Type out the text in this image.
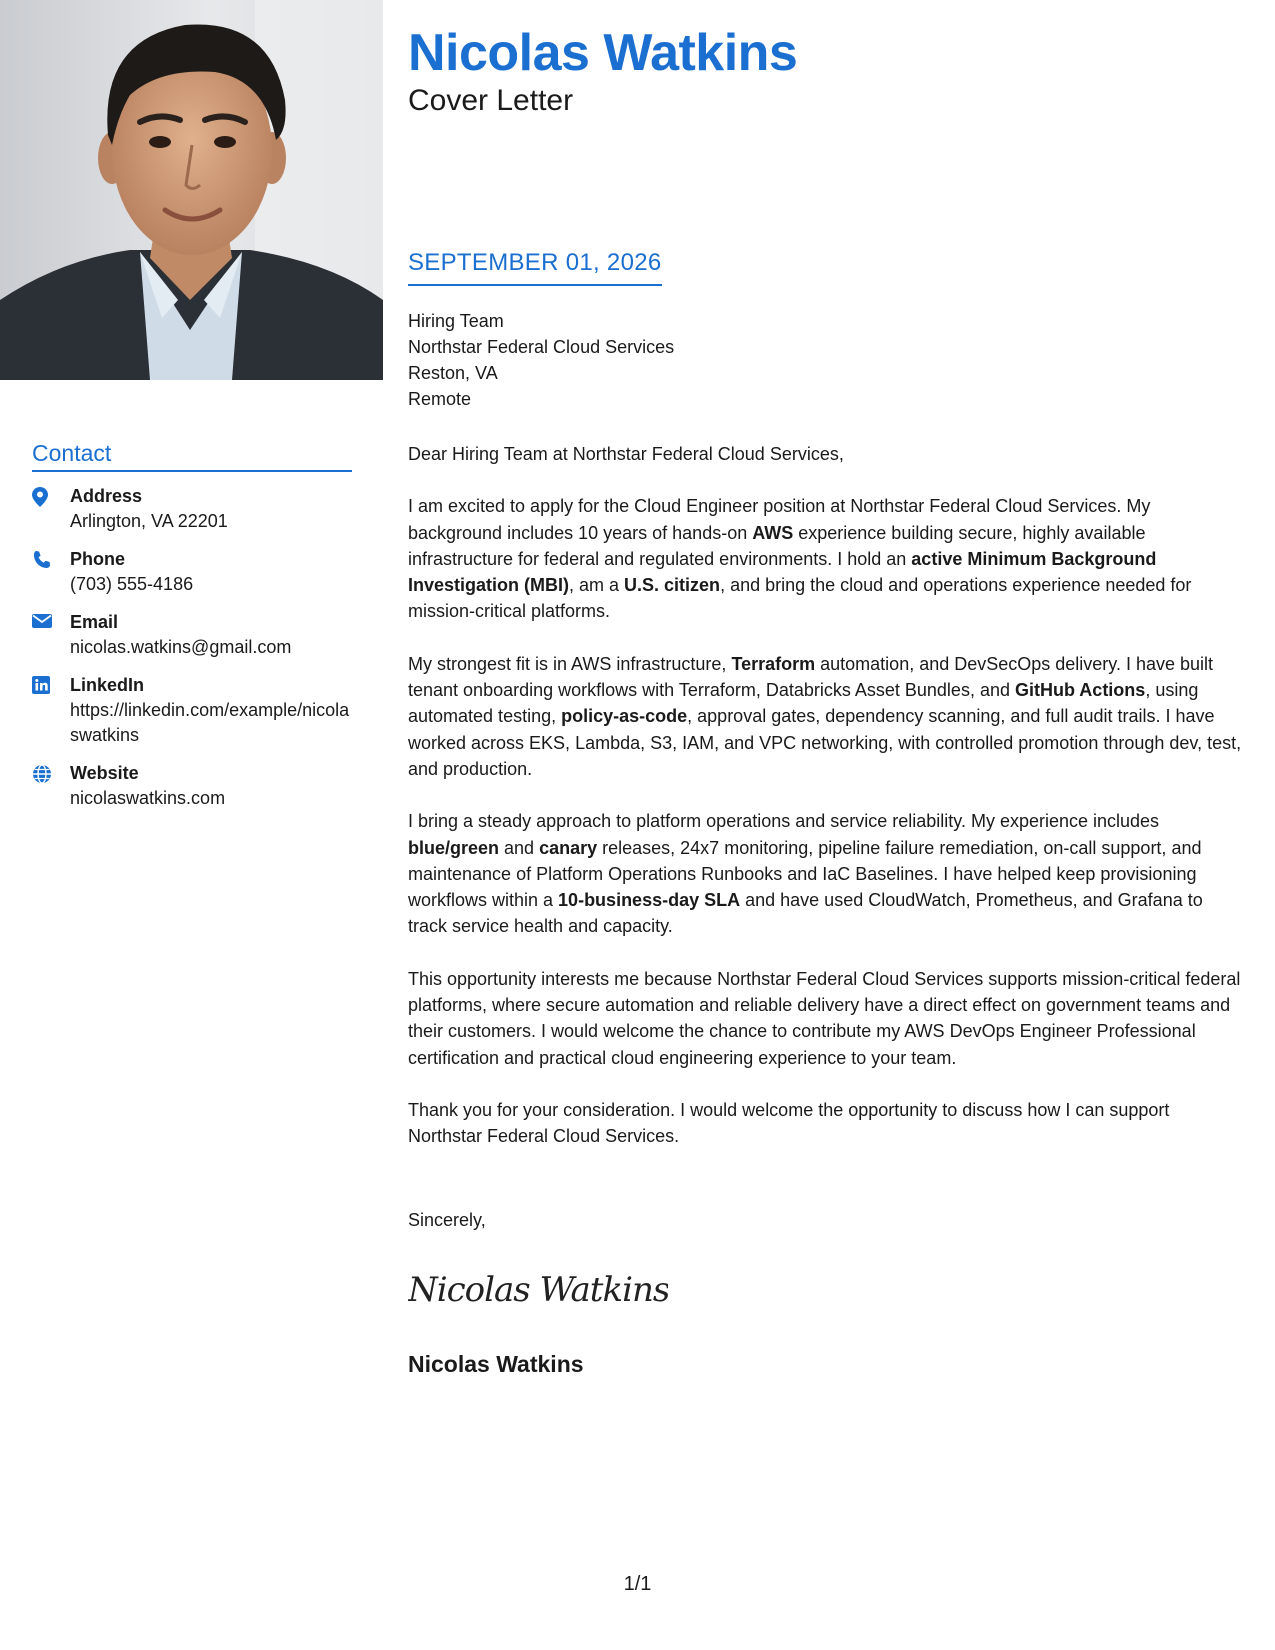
Contact
Address
Arlington, VA 22201
Phone
(703) 555-4186
Email
nicolas.watkins@gmail.com
LinkedIn
https://linkedin.com/example/nicolaswatkins
Website
nicolaswatkins.com
Nicolas Watkins
Cover Letter
SEPTEMBER 01, 2026
Hiring Team
Northstar Federal Cloud Services
Reston, VA
Remote

Dear Hiring Team at Northstar Federal Cloud Services,

I am excited to apply for the Cloud Engineer position at Northstar Federal Cloud Services. My background includes 10 years of hands-on AWS experience building secure, highly available infrastructure for federal and regulated environments. I hold an active Minimum Background Investigation (MBI), am a U.S. citizen, and bring the cloud and operations experience needed for mission-critical platforms.

My strongest fit is in AWS infrastructure, Terraform automation, and DevSecOps delivery. I have built tenant onboarding workflows with Terraform, Databricks Asset Bundles, and GitHub Actions, using automated testing, policy-as-code, approval gates, dependency scanning, and full audit trails. I have worked across EKS, Lambda, S3, IAM, and VPC networking, with controlled promotion through dev, test, and production.

I bring a steady approach to platform operations and service reliability. My experience includes blue/green and canary releases, 24x7 monitoring, pipeline failure remediation, on-call support, and maintenance of Platform Operations Runbooks and IaC Baselines. I have helped keep provisioning workflows within a 10-business-day SLA and have used CloudWatch, Prometheus, and Grafana to track service health and capacity.

This opportunity interests me because Northstar Federal Cloud Services supports mission-critical federal platforms, where secure automation and reliable delivery have a direct effect on government teams and their customers. I would welcome the chance to contribute my AWS DevOps Engineer Professional certification and practical cloud engineering experience to your team.

Thank you for your consideration. I would welcome the opportunity to discuss how I can support Northstar Federal Cloud Services.

Sincerely,
Nicolas Watkins
Nicolas Watkins
1/1
